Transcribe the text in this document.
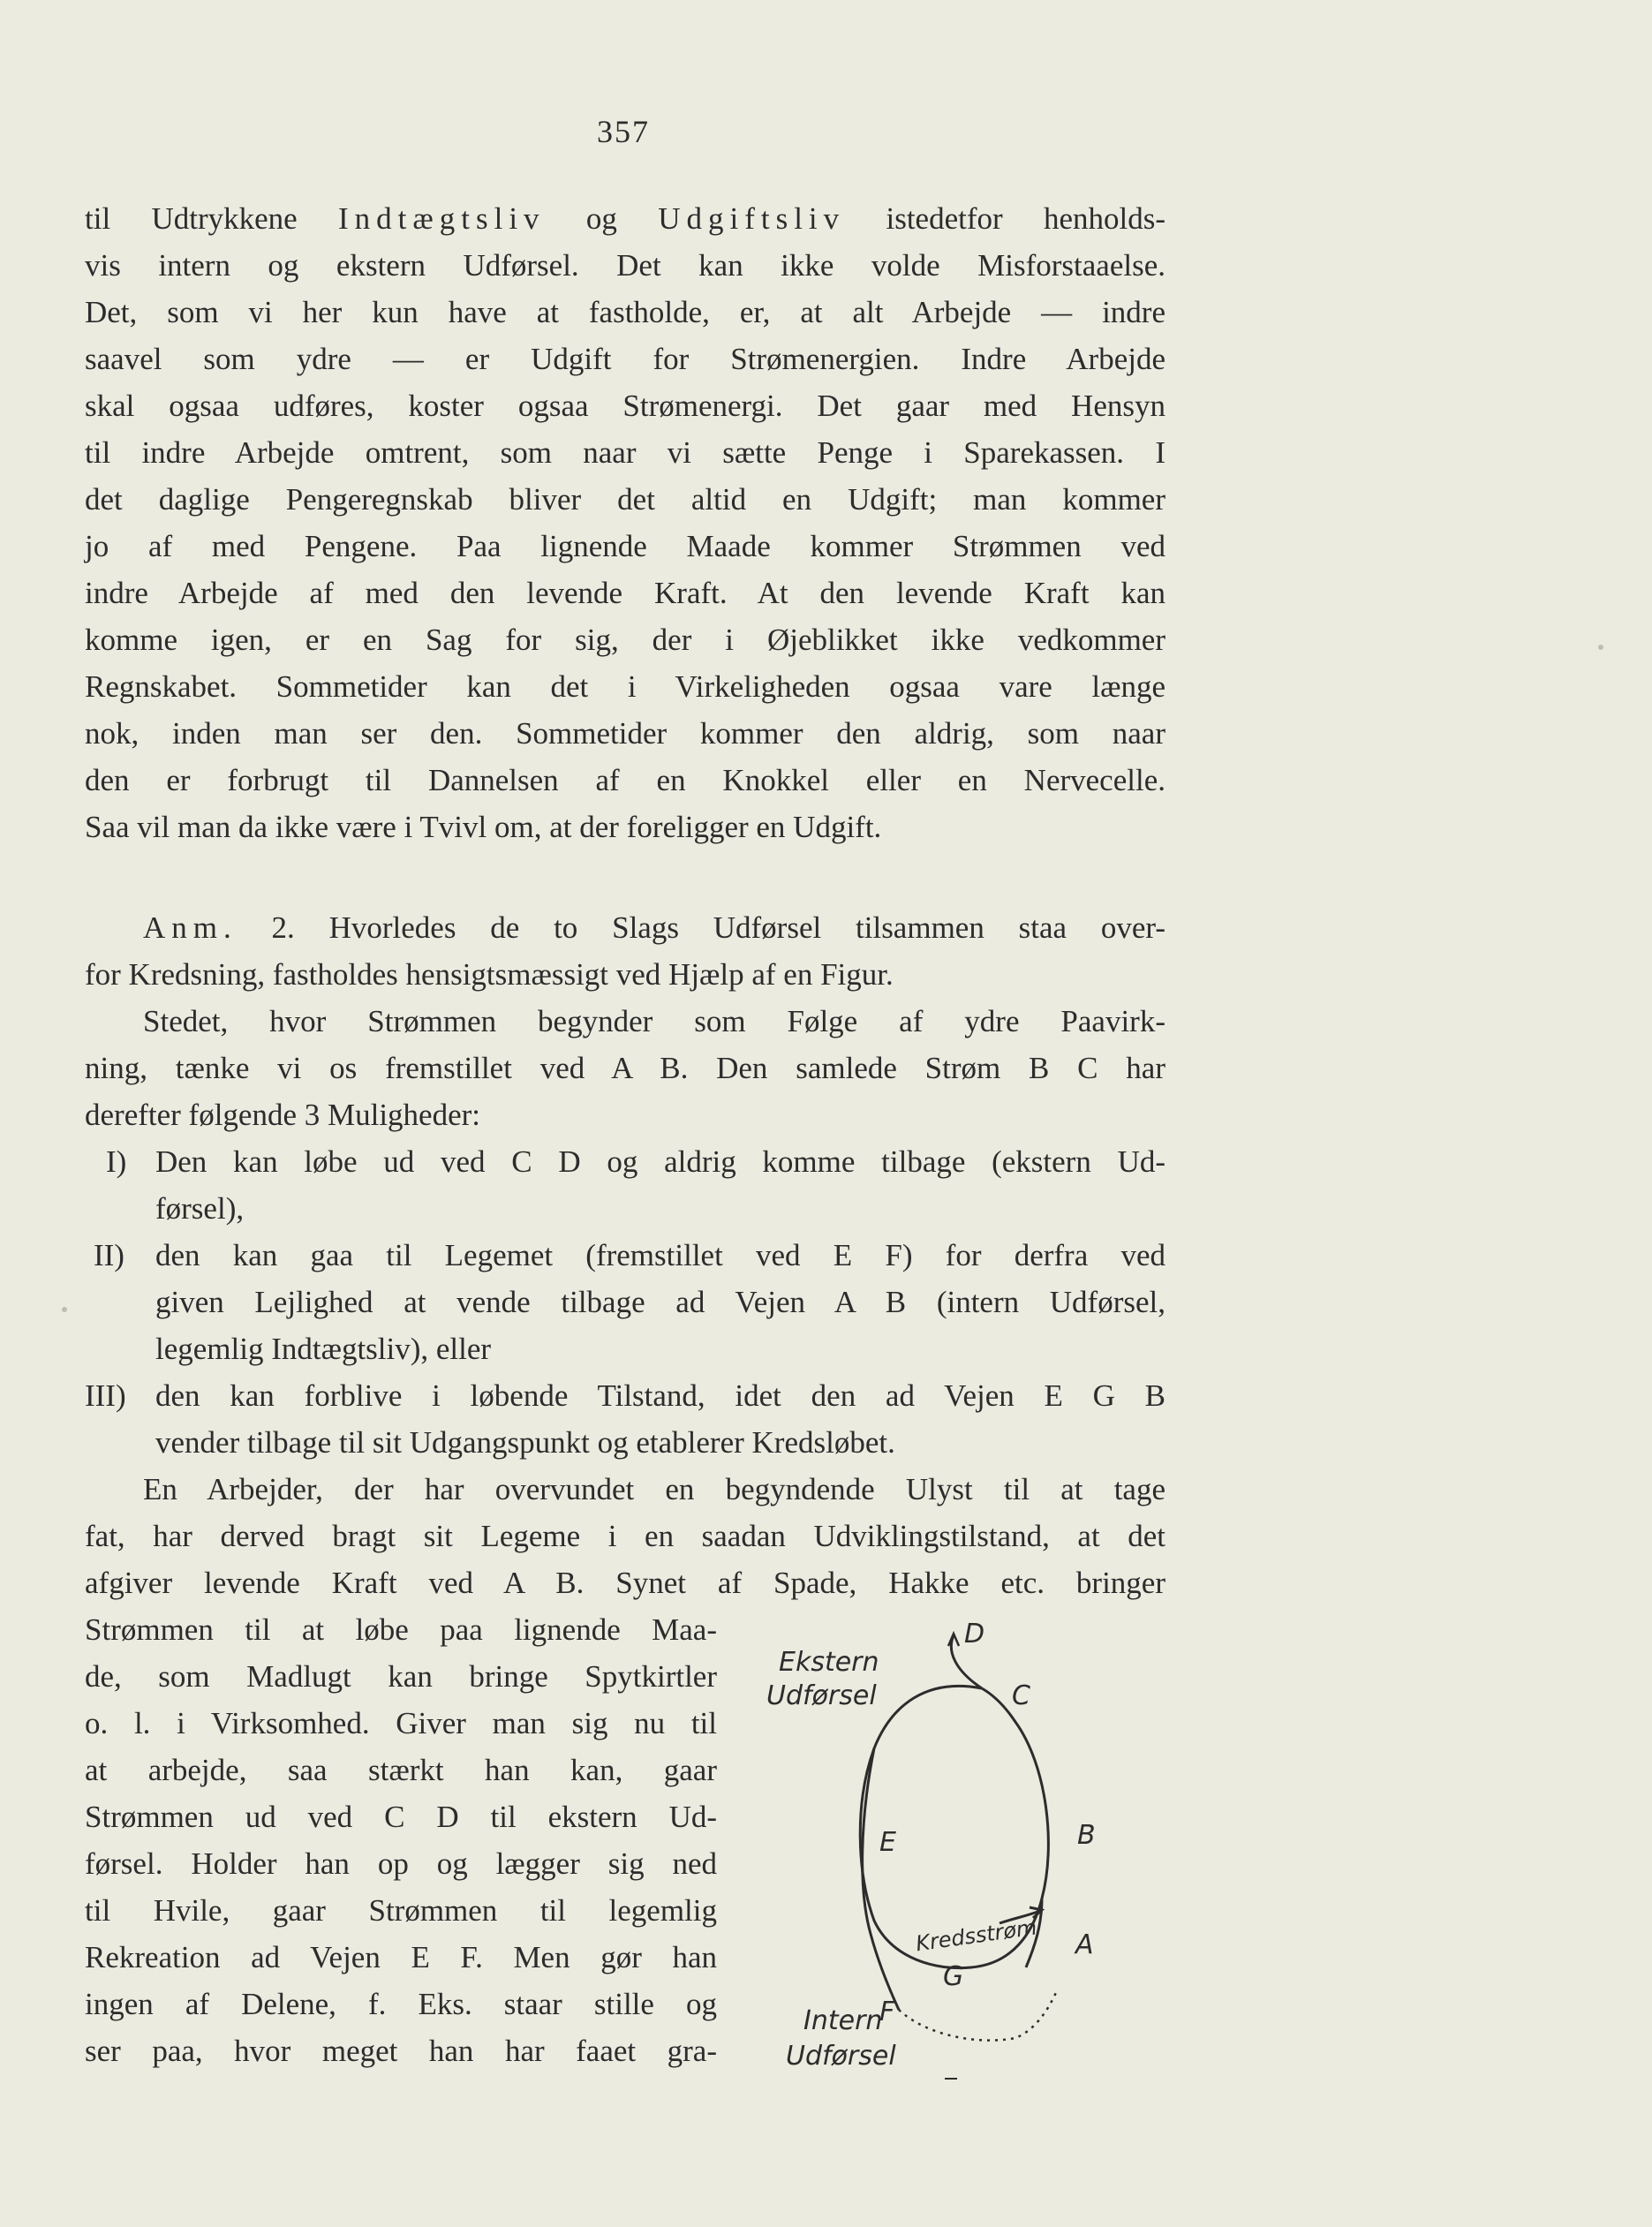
357
til Udtrykkene Indtægtsliv og Udgiftsliv istedetfor henholds-
vis intern og ekstern Udførsel. Det kan ikke volde Misforstaaelse.
Det, som vi her kun have at fastholde, er, at alt Arbejde — indre
saavel som ydre — er Udgift for Strømenergien. Indre Arbejde
skal ogsaa udføres, koster ogsaa Strømenergi. Det gaar med Hensyn
til indre Arbejde omtrent, som naar vi sætte Penge i Sparekassen. I
det daglige Pengeregnskab bliver det altid en Udgift; man kommer
jo af med Pengene. Paa lignende Maade kommer Strømmen ved
indre Arbejde af med den levende Kraft. At den levende Kraft kan
komme igen, er en Sag for sig, der i Øjeblikket ikke vedkommer
Regnskabet. Sommetider kan det i Virkeligheden ogsaa vare længe
nok, inden man ser den. Sommetider kommer den aldrig, som naar
den er forbrugt til Dannelsen af en Knokkel eller en Nervecelle.
Saa vil man da ikke være i Tvivl om, at der foreligger en Udgift.
Anm. 2. Hvorledes de to Slags Udførsel tilsammen staa over-
for Kredsning, fastholdes hensigtsmæssigt ved Hjælp af en Figur.
Stedet, hvor Strømmen begynder som Følge af ydre Paavirk-
ning, tænke vi os fremstillet ved A B. Den samlede Strøm B C har
derefter følgende 3 Muligheder:
I) Den kan løbe ud ved C D og aldrig komme tilbage (ekstern Ud-
førsel),
II) den kan gaa til Legemet (fremstillet ved E F) for derfra ved
given Lejlighed at vende tilbage ad Vejen A B (intern Udførsel,
legemlig Indtægtsliv), eller
III) den kan forblive i løbende Tilstand, idet den ad Vejen E G B
vender tilbage til sit Udgangspunkt og etablerer Kredsløbet.
En Arbejder, der har overvundet en begyndende Ulyst til at tage
fat, har derved bragt sit Legeme i en saadan Udviklingstilstand, at det
afgiver levende Kraft ved A B. Synet af Spade, Hakke etc. bringer
Strømmen til at løbe paa lignende Maa-
de, som Madlugt kan bringe Spytkirtler
o. l. i Virksomhed. Giver man sig nu til
at arbejde, saa stærkt han kan, gaar
Strømmen ud ved C D til ekstern Ud-
førsel. Holder han op og lægger sig ned
til Hvile, gaar Strømmen til legemlig
Rekreation ad Vejen E F. Men gør han
ingen af Delene, f. Eks. staar stille og
ser paa, hvor meget han har faaet gra-
Ekstern
Udførsel
D
C
E	B
G
A
F
Kredsstrøm
Intern
Udførsel
